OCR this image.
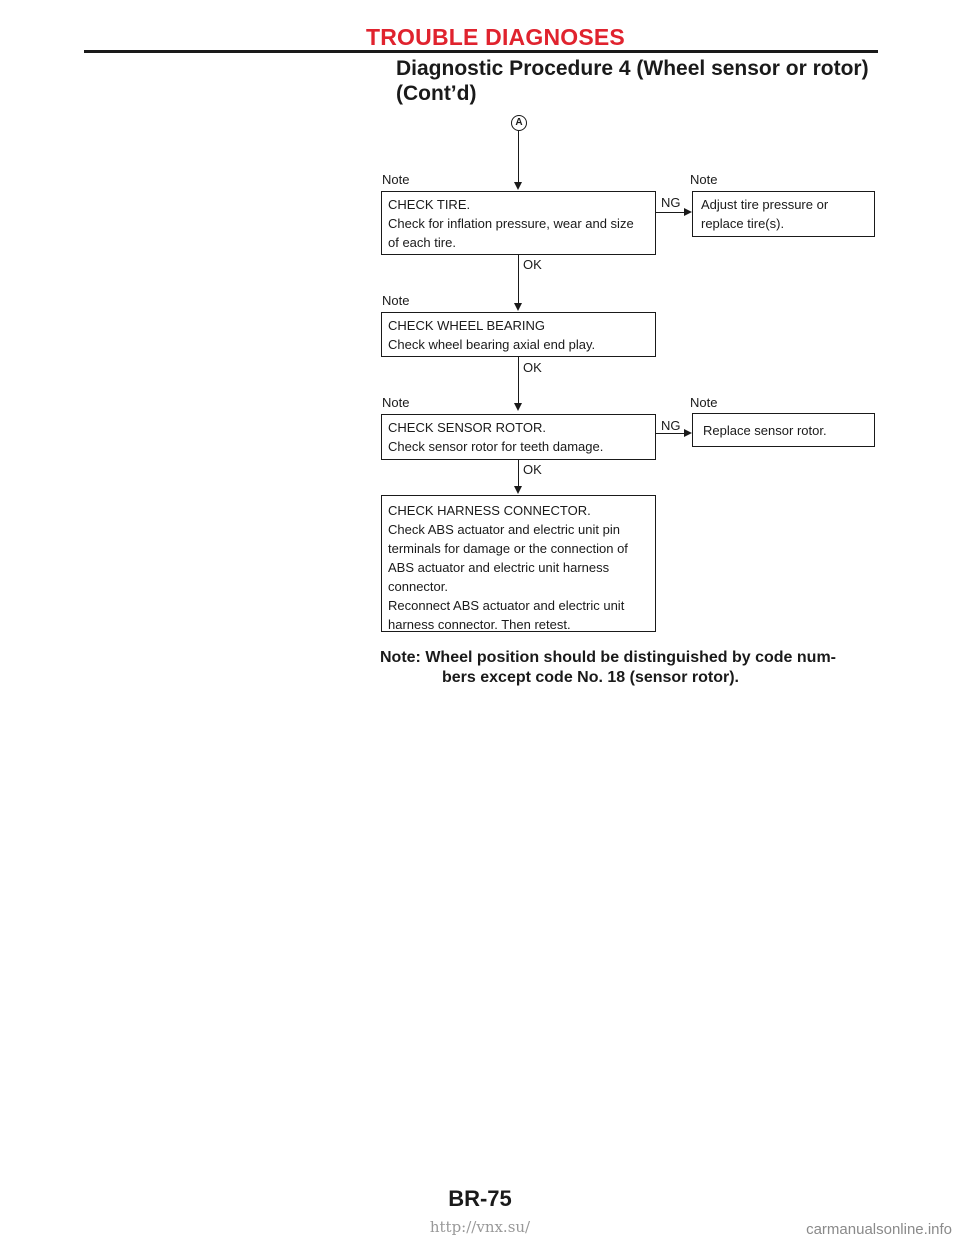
TROUBLE DIAGNOSES
Diagnostic Procedure 4 (Wheel sensor or rotor)
(Cont’d)
A
Note
CHECK TIRE.
Check for inflation pressure, wear and size
of each tire.
Note
NG	Adjust tire pressure or
replace tire(s).
OK
Note
CHECK WHEEL BEARING
Check wheel bearing axial end play.
OK
Note
CHECK SENSOR ROTOR.
Check sensor rotor for teeth damage.
Note
NG	Replace sensor rotor.
OK
CHECK HARNESS CONNECTOR.
Check ABS actuator and electric unit pin
terminals for damage or the connection of
ABS actuator and electric unit harness
connector.
Reconnect ABS actuator and electric unit
harness connector. Then retest.
Note: Wheel position should be distinguished by code num-
bers except code No. 18 (sensor rotor).
BR-75
http://vnx.su/	carmanualsonline.info
